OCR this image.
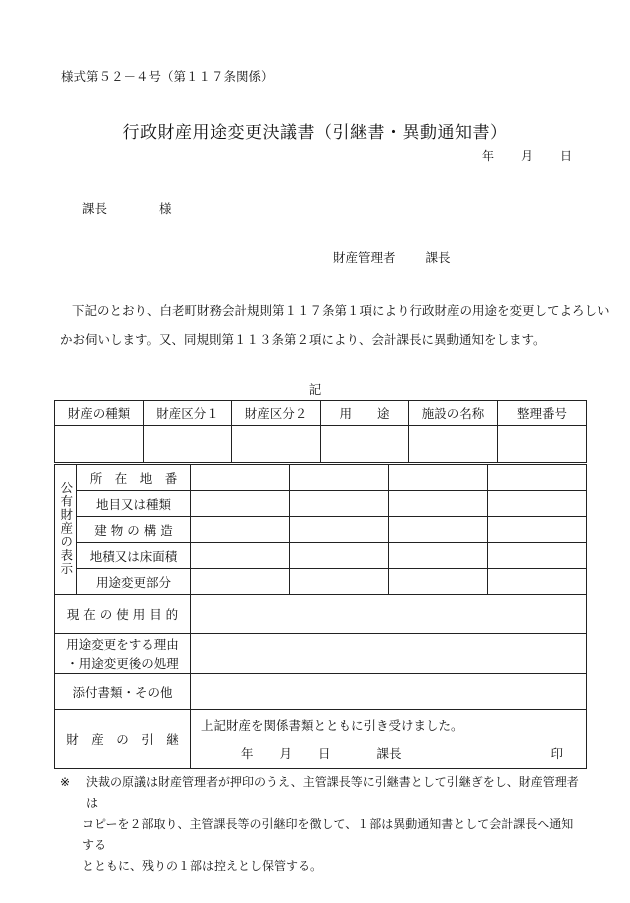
様式第５２－４号（第１１７条関係）
行政財産用途変更決議書（引継書・異動通知書）
年 月 日
課長	様
財産管理者 課長
下記のとおり、白老町財務会計規則第１１７条第１項により行政財産の用途を変更してよろしい
かお伺いします。又、同規則第１１３条第２項により、会計課長に異動通知をします。
記
財産の種類	財産区分１	財産区分２	用　　途	施設の名称	整理番号

公有財産の表示	所　在　地　番				
	地目又は種類				
	建 物 の 構 造				
	地積又は床面積				
	用途変更部分				
現 在 の 使 用 目 的					

用途変更をする理由
・用途変更後の処理					

添付書類・その他					
財　産　の　引　継		上記財産を関係書類とともに引き受けました。
年 月 日 課長 印			
※ 決裁の原議は財産管理者が押印のうえ、主管課長等に引継書として引継ぎをし、財産管理者は
コピーを２部取り、主管課長等の引継印を徴して、１部は異動通知書として会計課長へ通知する
とともに、残りの１部は控えとし保管する。
